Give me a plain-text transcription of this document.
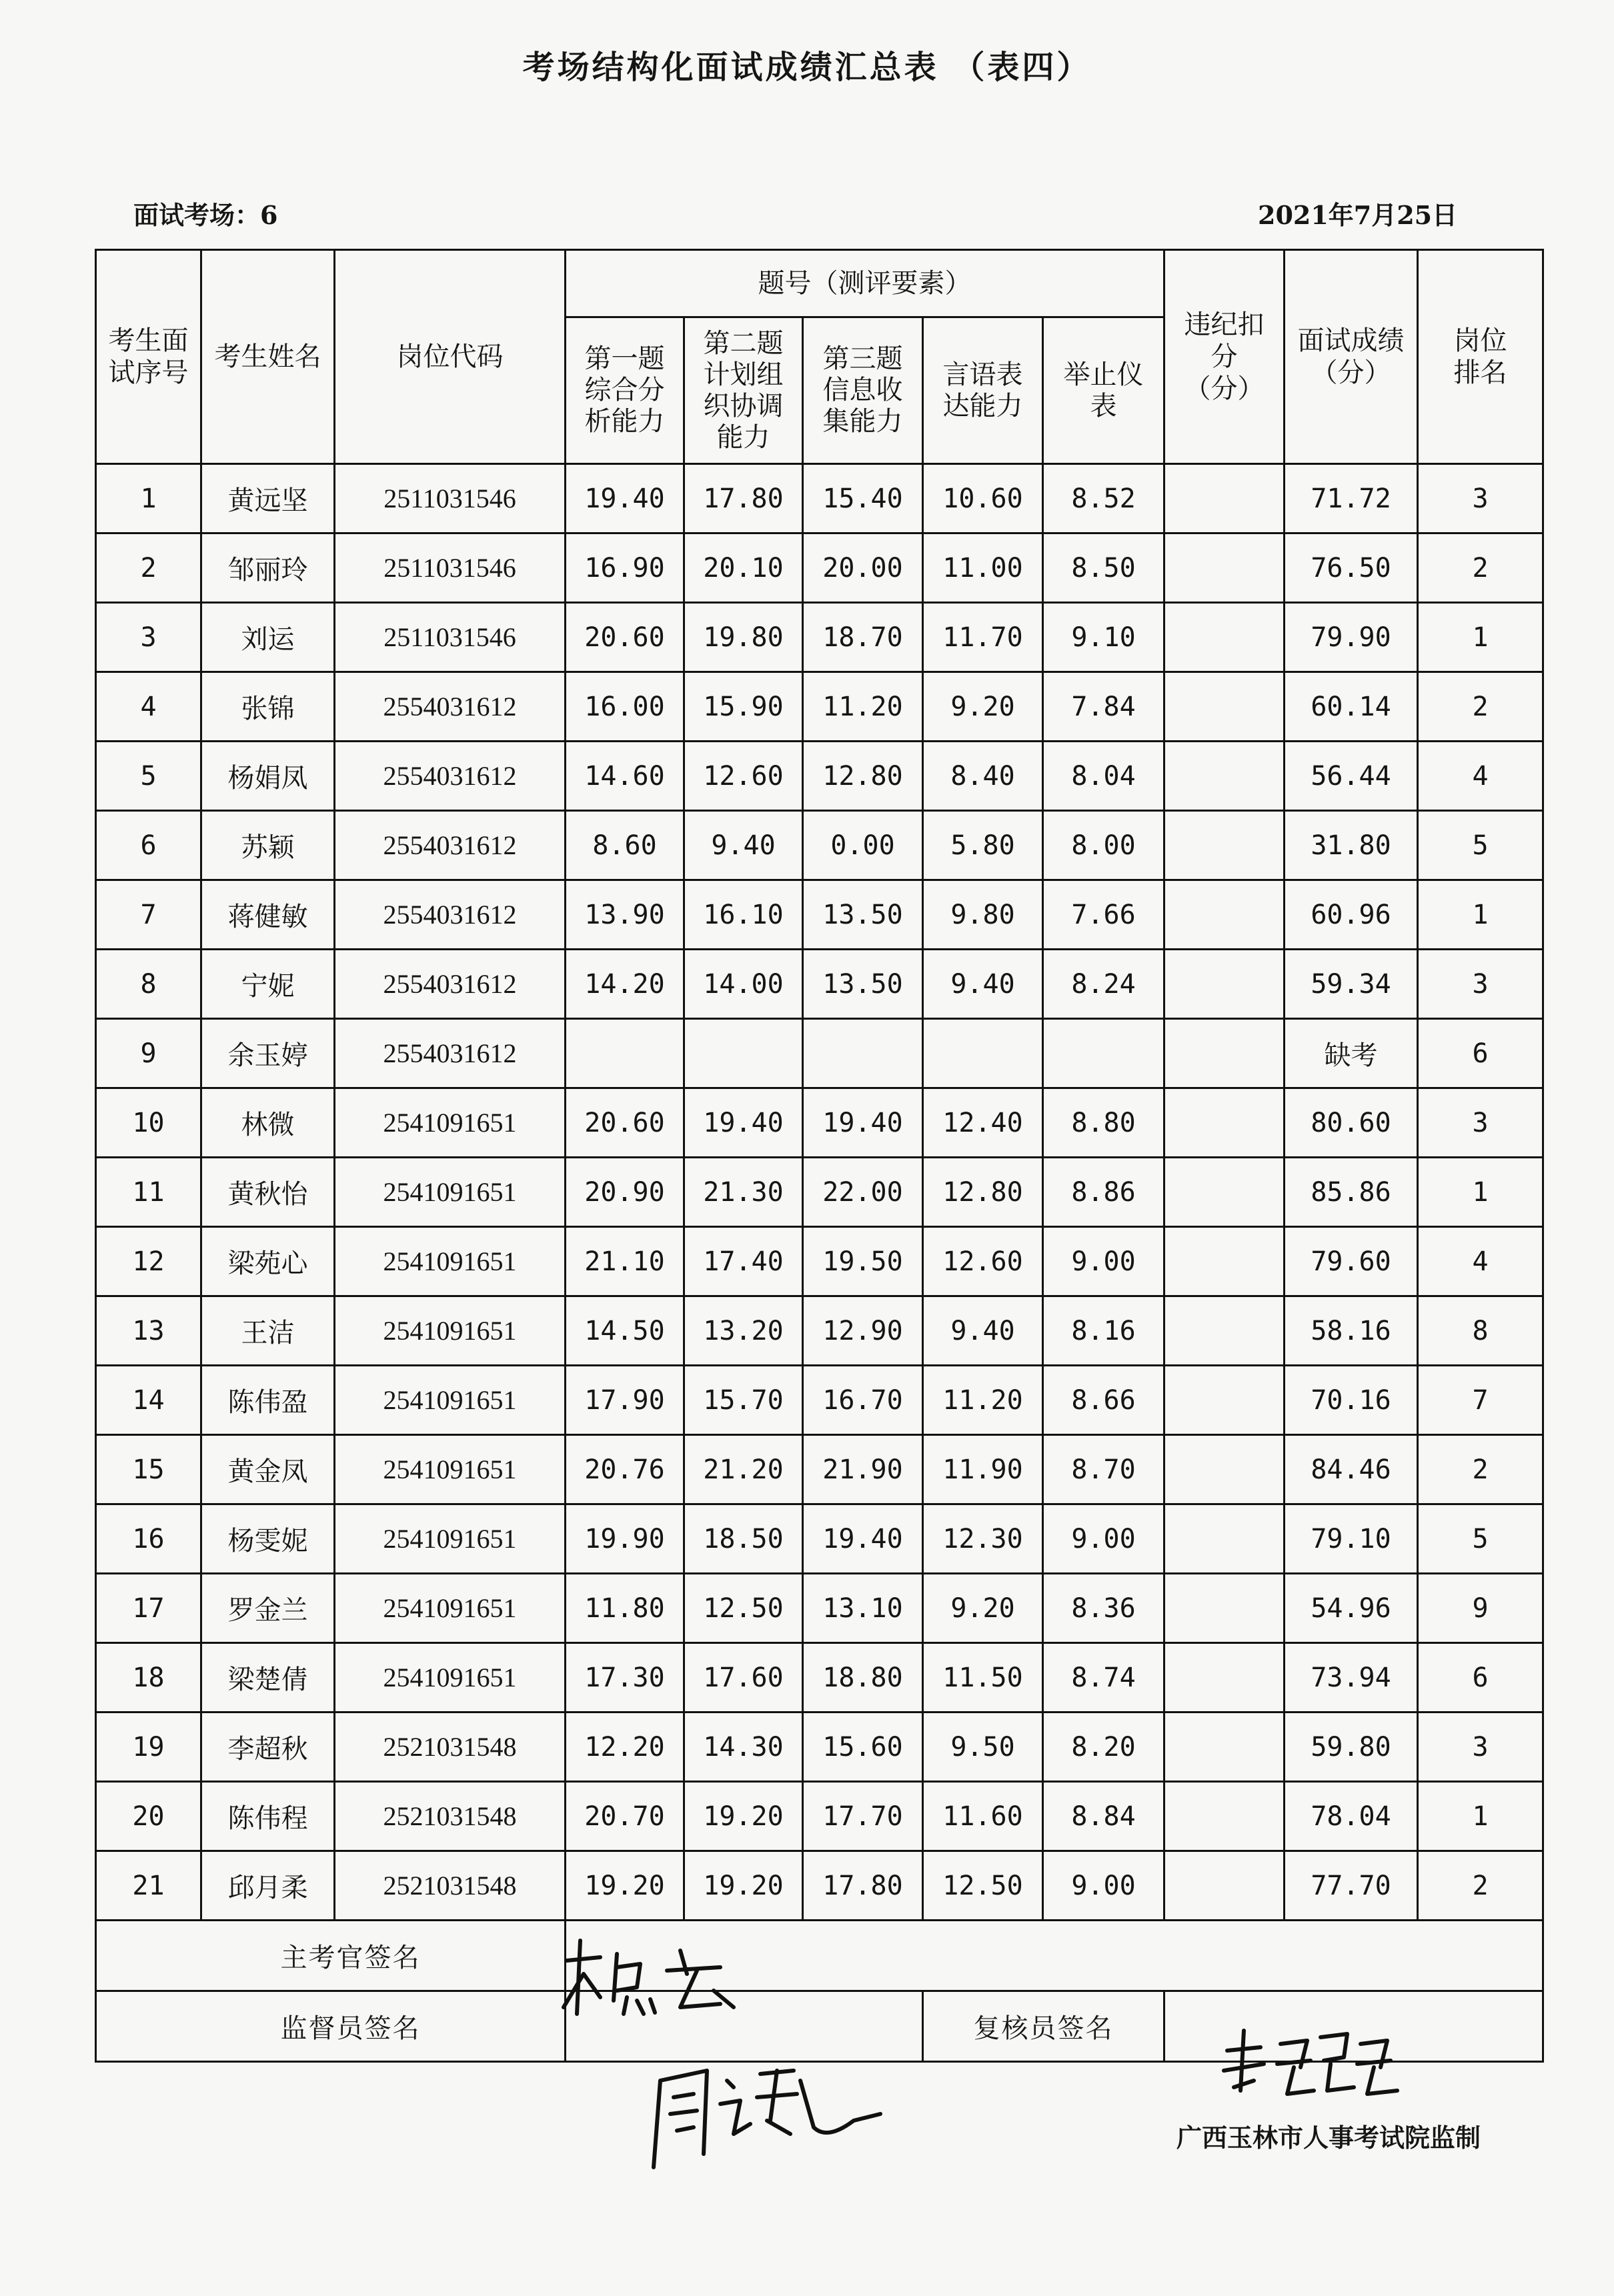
考场结构化面试成绩汇总表 （表四）
面试考场：6	2021年7月25日
考生面试序号	考生姓名	岗位代码	题号（测评要素）					违纪扣分（分）	面试成绩（分）	岗位排名
			第一题综合分析能力	第二题计划组织协调能力	第三题信息收集能力	言语表达能力	举止仪表			
1	黄远坚	2511031546	19.40	17.80	15.40	10.60	8.52		71.72	3
2	邹丽玲	2511031546	16.90	20.10	20.00	11.00	8.50		76.50	2
3	刘运	2511031546	20.60	19.80	18.70	11.70	9.10		79.90	1
4	张锦	2554031612	16.00	15.90	11.20	9.20	7.84		60.14	2
5	杨娟凤	2554031612	14.60	12.60	12.80	8.40	8.04		56.44	4
6	苏颖	2554031612	8.60	9.40	0.00	5.80	8.00		31.80	5
7	蒋健敏	2554031612	13.90	16.10	13.50	9.80	7.66		60.96	1
8	宁妮	2554031612	14.20	14.00	13.50	9.40	8.24		59.34	3
9	余玉婷	2554031612							缺考	6
10	林微	2541091651	20.60	19.40	19.40	12.40	8.80		80.60	3
11	黄秋怡	2541091651	20.90	21.30	22.00	12.80	8.86		85.86	1
12	梁苑心	2541091651	21.10	17.40	19.50	12.60	9.00		79.60	4
13	王洁	2541091651	14.50	13.20	12.90	9.40	8.16		58.16	8
14	陈伟盈	2541091651	17.90	15.70	16.70	11.20	8.66		70.16	7
15	黄金凤	2541091651	20.76	21.20	21.90	11.90	8.70		84.46	2
16	杨雯妮	2541091651	19.90	18.50	19.40	12.30	9.00		79.10	5
17	罗金兰	2541091651	11.80	12.50	13.10	9.20	8.36		54.96	9
18	梁楚倩	2541091651	17.30	17.60	18.80	11.50	8.74		73.94	6
19	李超秋	2521031548	12.20	14.30	15.60	9.50	8.20		59.80	3
20	陈伟程	2521031548	20.70	19.20	17.70	11.60	8.84		78.04	1
21	邱月柔	2521031548	19.20	19.20	17.80	12.50	9.00		77.70	2
主考官签名										
监督员签名						复核员签名				
广西玉林市人事考试院监制
